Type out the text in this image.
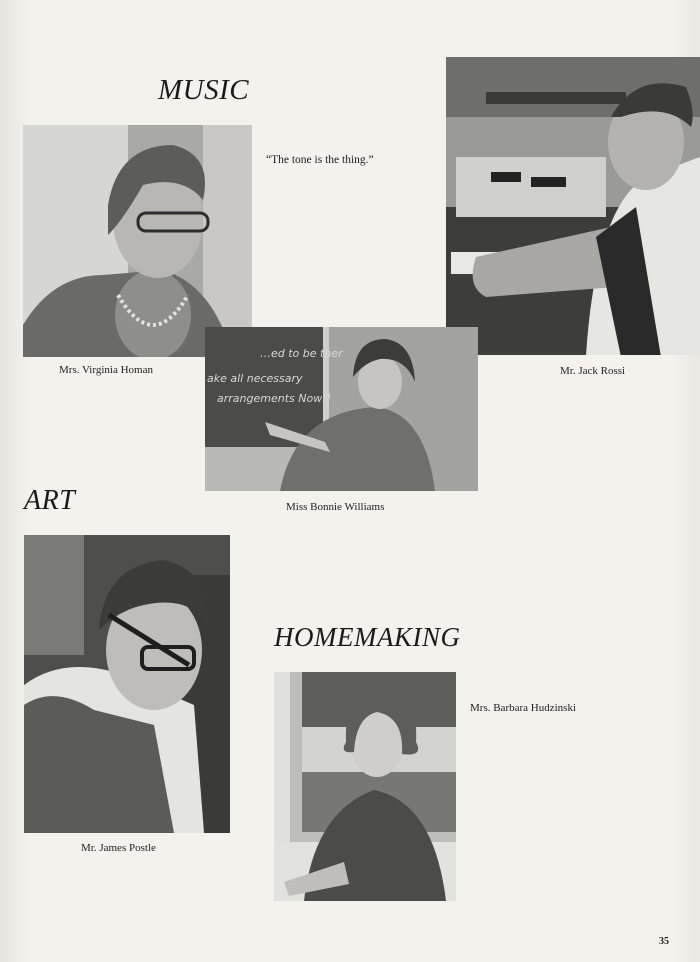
MUSIC
ART
HOMEMAKING
“The tone is the thing.”
Mrs. Virginia Homan	Mr. Jack Rossi
…ed to be ther
ake all necessary
arrangements Now!!
Miss Bonnie Williams
Mr. James Postle
Mrs. Barbara Hudzinski
35
